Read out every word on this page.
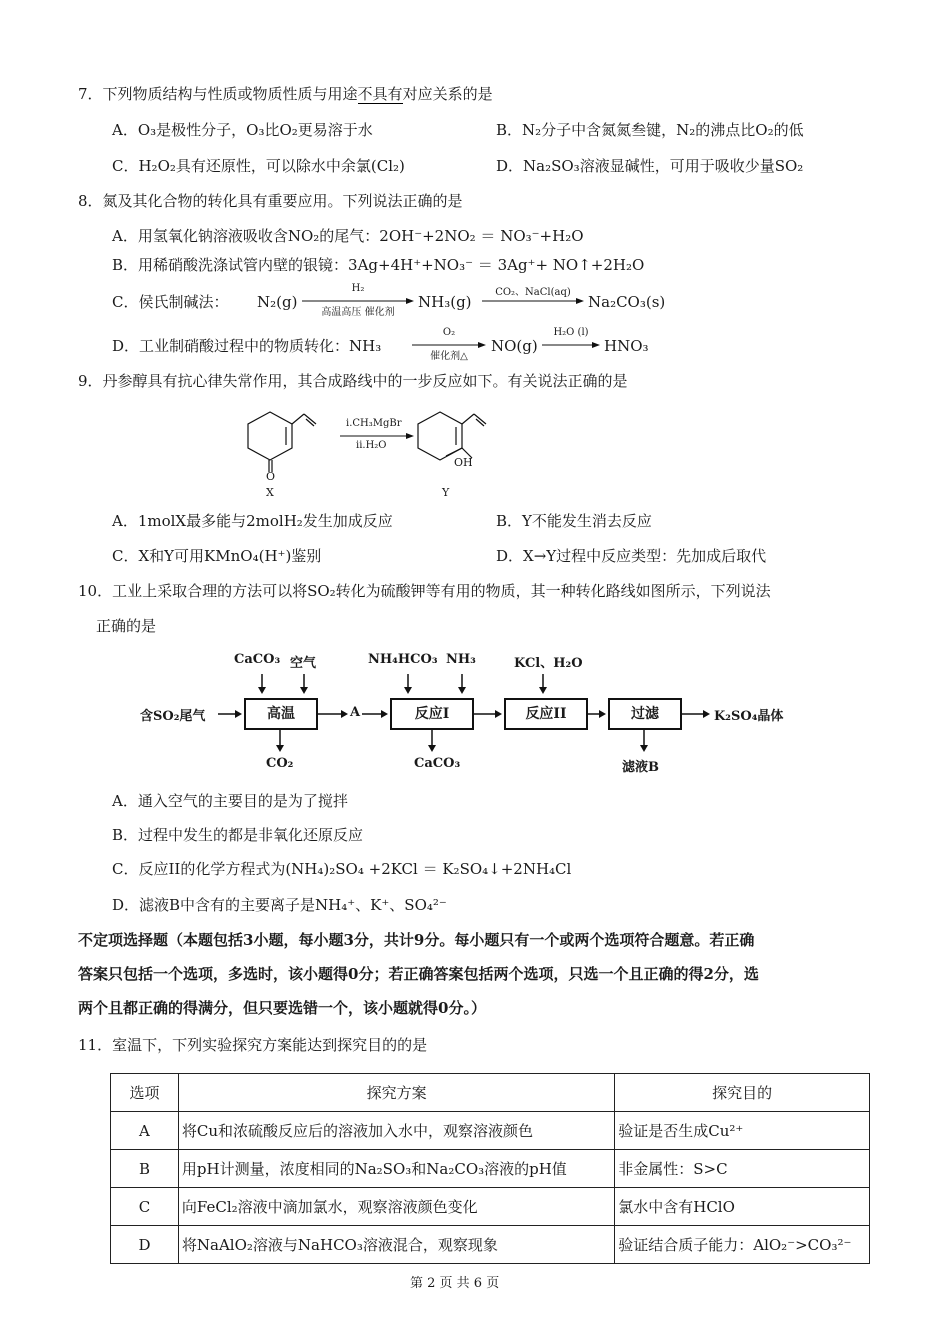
7．下列物质结构与性质或物质性质与用途不具有对应关系的是
A．O₃是极性分子，O₃比O₂更易溶于水	B．N₂分子中含氮氮叁键，N₂的沸点比O₂的低
C．H₂O₂具有还原性，可以除水中余氯(Cl₂)	D．Na₂SO₃溶液显碱性，可用于吸收少量SO₂
8．氮及其化合物的转化具有重要应用。下列说法正确的是
A．用氢氧化钠溶液吸收含NO₂的尾气：2OH⁻+2NO₂ ＝ NO₃⁻+H₂O
B．用稀硝酸洗涤试管内壁的银镜：3Ag+4H⁺+NO₃⁻ ＝ 3Ag⁺+ NO↑+2H₂O
C．侯氏制碱法： N₂(g)
H₂
高温高压 催化剂
NH₃(g)
CO₂、NaCl(aq)
Na₂CO₃(s)
D．工业制硝酸过程中的物质转化：NH₃
O₂
催化剂△
NO(g)
H₂O (l)
HNO₃
9．丹参醇具有抗心律失常作用，其合成路线中的一步反应如下。有关说法正确的是
i.CH₃MgBr
ii.H₂O
O
OH
X	Y
A．1molX最多能与2molH₂发生加成反应	B．Y不能发生消去反应
C．X和Y可用KMnO₄(H⁺)鉴别	D．X→Y过程中反应类型：先加成后取代
10．工业上采取合理的方法可以将SO₂转化为硫酸钾等有用的物质，其一种转化路线如图所示，下列说法
正确的是
CaCO₃ 空气	NH₄HCO₃ NH₃	KCl、H₂O
含SO₂尾气	高温	A	反应I	反应II	过滤	K₂SO₄晶体
CO₂	CaCO₃	滤液B
A．通入空气的主要目的是为了搅拌
B．过程中发生的都是非氧化还原反应
C．反应II的化学方程式为(NH₄)₂SO₄ +2KCl ＝ K₂SO₄↓+2NH₄Cl
D．滤液B中含有的主要离子是NH₄⁺、K⁺、SO₄²⁻
不定项选择题（本题包括3小题，每小题3分，共计9分。每小题只有一个或两个选项符合题意。若正确
答案只包括一个选项，多选时，该小题得0分；若正确答案包括两个选项，只选一个且正确的得2分，选
两个且都正确的得满分，但只要选错一个，该小题就得0分。）
11．室温下，下列实验探究方案能达到探究目的的是
选项	探究方案	探究目的
A	将Cu和浓硫酸反应后的溶液加入水中，观察溶液颜色	验证是否生成Cu²⁺
B	用pH计测量，浓度相同的Na₂SO₃和Na₂CO₃溶液的pH值	非金属性：S>C
C	向FeCl₂溶液中滴加氯水，观察溶液颜色变化	氯水中含有HClO
D	将NaAlO₂溶液与NaHCO₃溶液混合，观察现象	验证结合质子能力：AlO₂⁻>CO₃²⁻
第 2 页 共 6 页
